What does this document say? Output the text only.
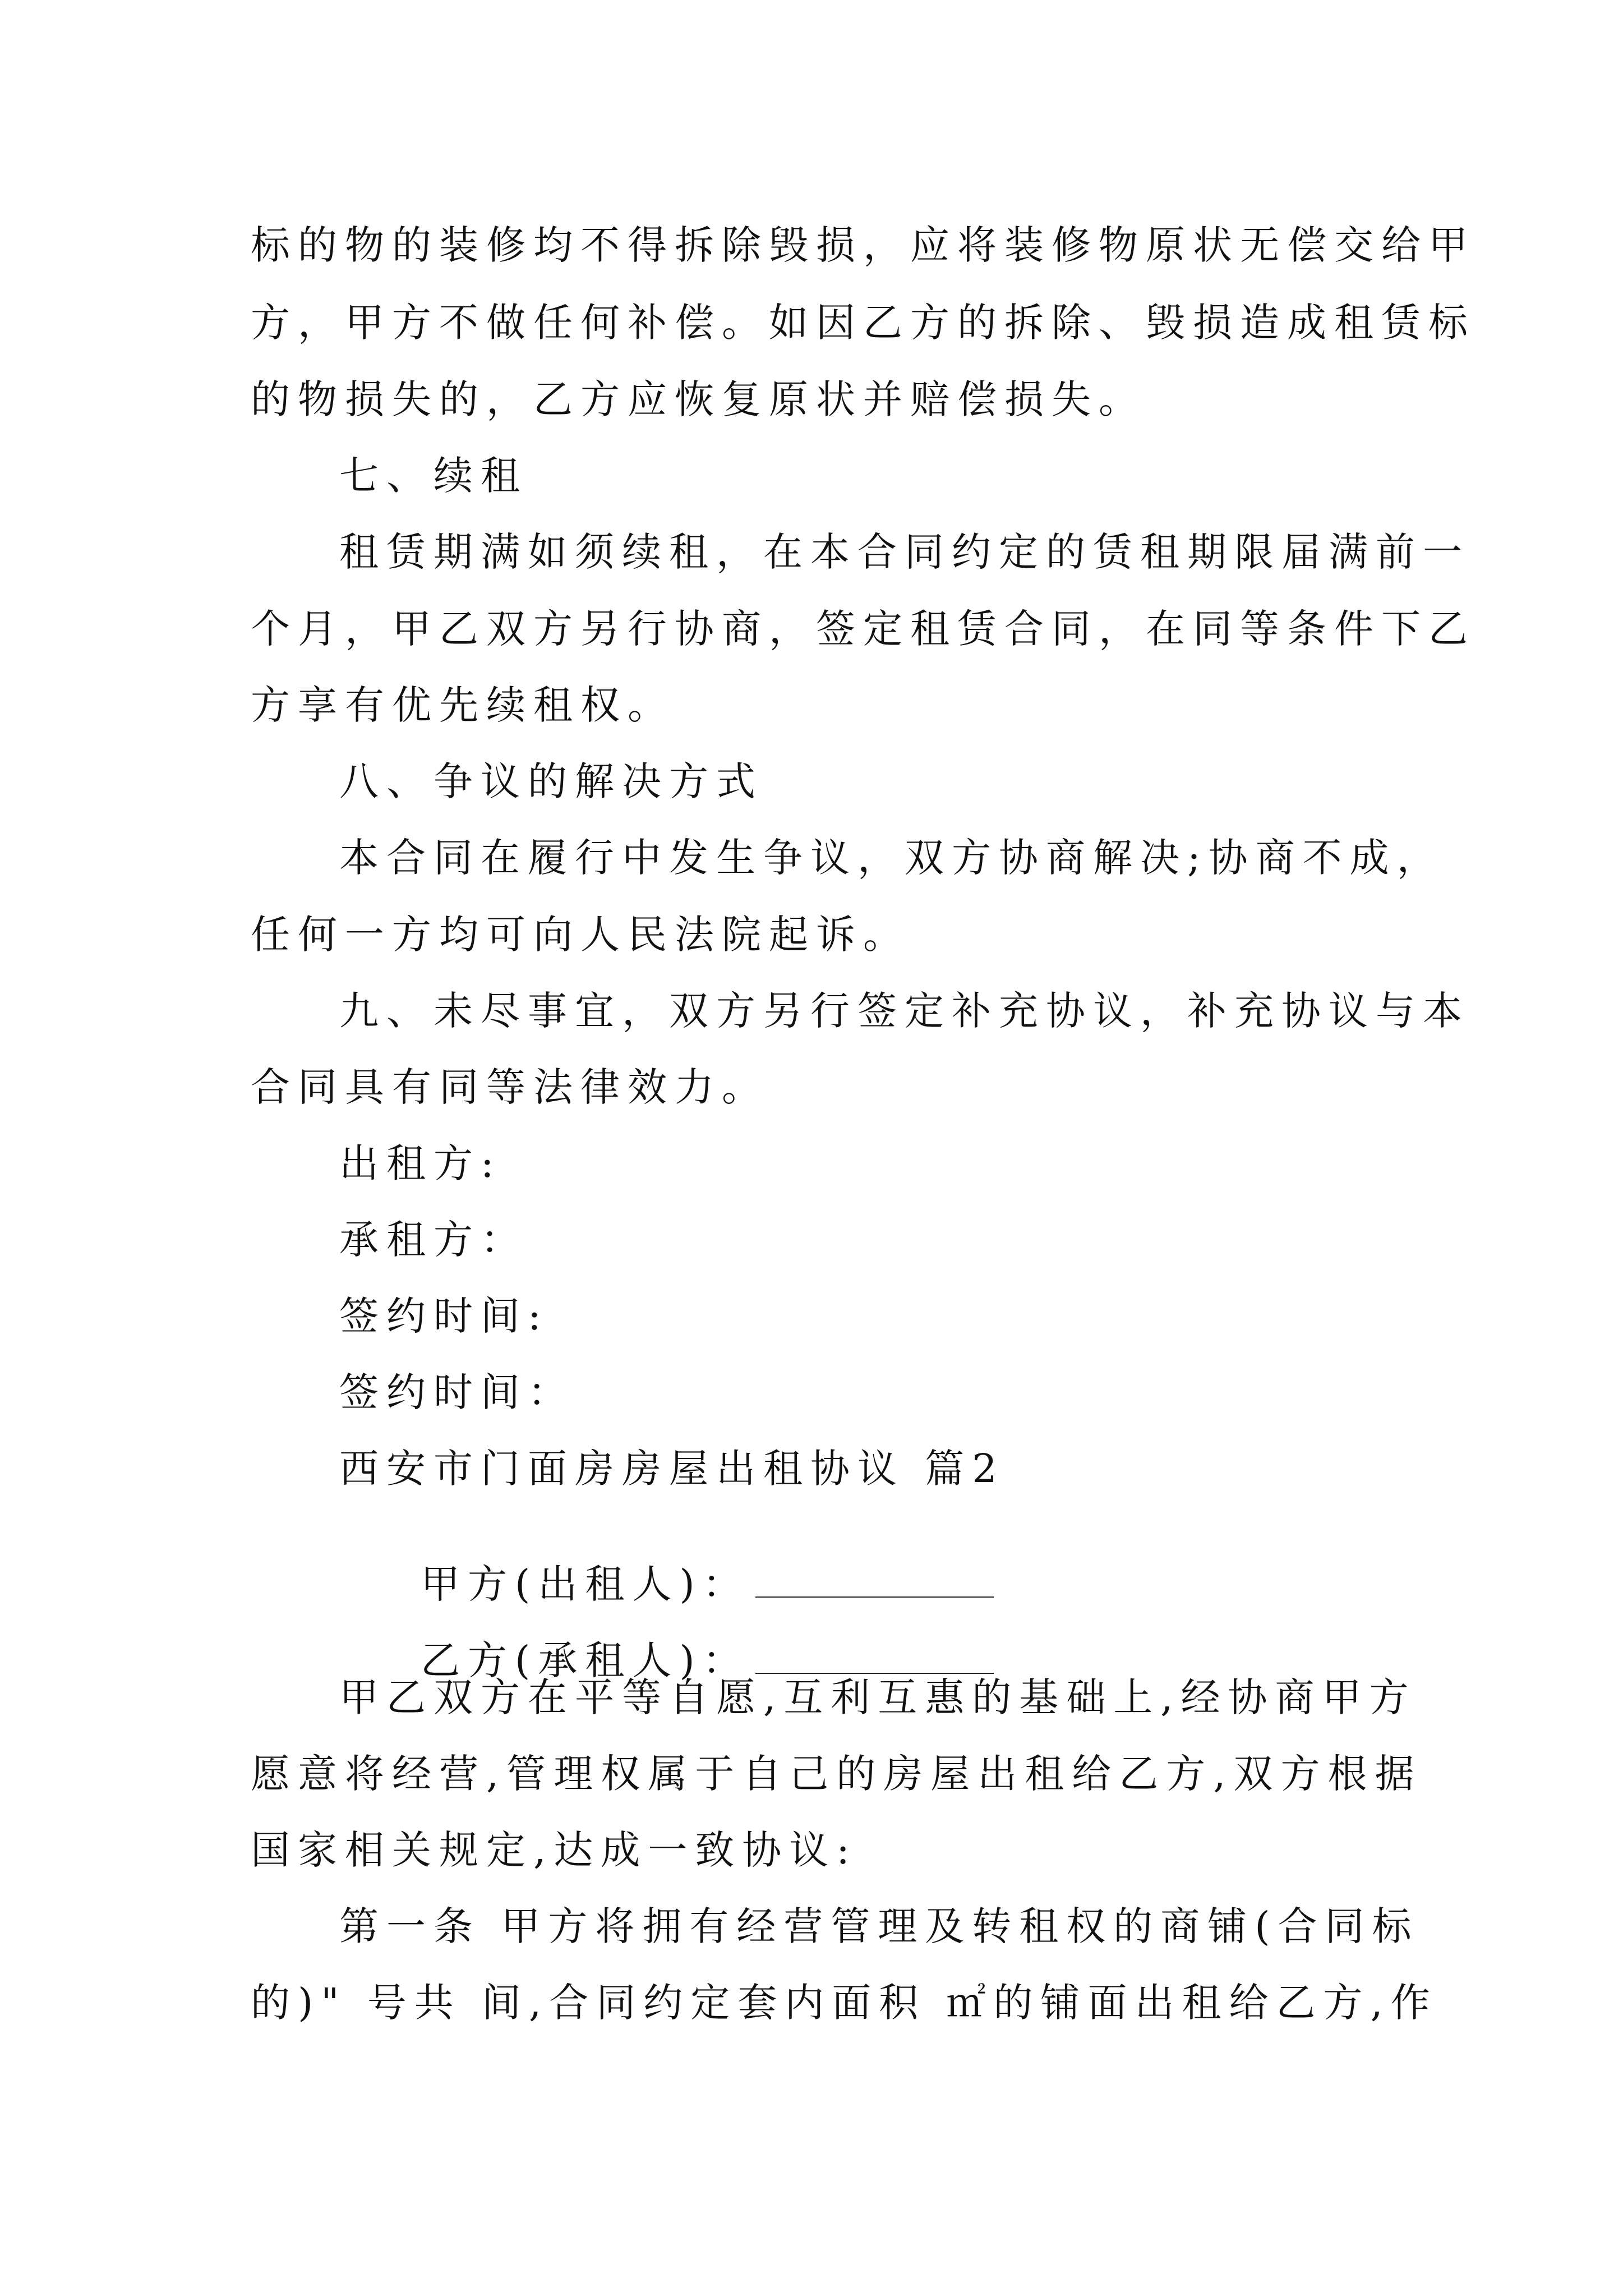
标的物的装修均不得拆除毁损，应将装修物原状无偿交给甲
方，甲方不做任何补偿。如因乙方的拆除、毁损造成租赁标
的物损失的，乙方应恢复原状并赔偿损失。
七、续租
租赁期满如须续租，在本合同约定的赁租期限届满前一
个月，甲乙双方另行协商，签定租赁合同，在同等条件下乙
方享有优先续租权。
八、争议的解决方式
本合同在履行中发生争议，双方协商解决;协商不成，
任何一方均可向人民法院起诉。
九、未尽事宜，双方另行签定补充协议，补充协议与本
合同具有同等法律效力。
出租方:
承租方：
签约时间:
签约时间：
西安市门面房房屋出租协议 篇2

甲方(出租人)：

乙方(承租人)：

甲乙双方在平等自愿,互利互惠的基础上,经协商甲方
愿意将经营,管理权属于自己的房屋出租给乙方,双方根据
国家相关规定,达成一致协议:
第一条 甲方将拥有经营管理及转租权的商铺(合同标
的)" 号共 间,合同约定套内面积 ㎡的铺面出租给乙方,作
